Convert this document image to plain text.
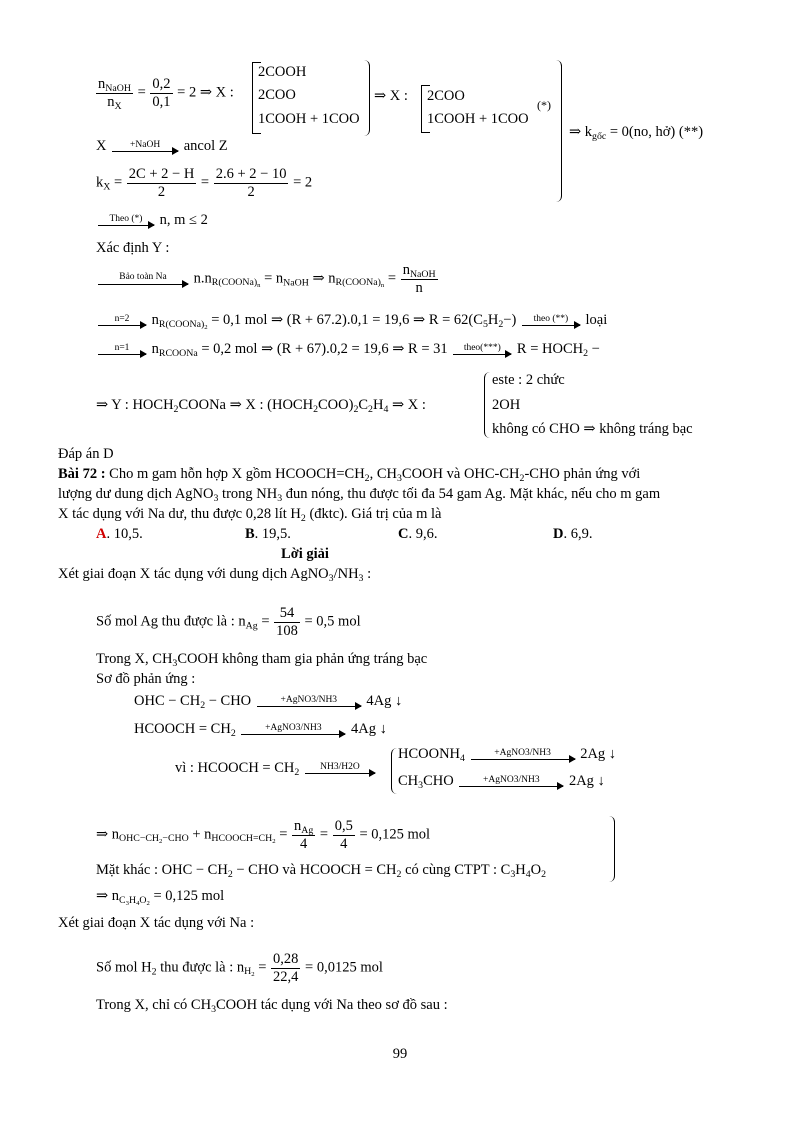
$\frac{n_{NaOH}}{n_X} = \frac{0,2}{0,1} = 2$ ⇒ X :
2COOH
2COO
1COOH + 1COO
⇒ X : 2COO
1COOH + 1COO
(*)
⇒ $k_{gốc} = 0(no$, hở) (**)
X	+NaOH	ancol Z
$k_X = \frac{2C + 2 - H}{2} = \frac{2.6 + 2 - 10}{2} = 2$
Theo (*)	n, m ≤ 2
Xác định Y :
Bảo toàn Na	$n.n_{R(COONa)_n} = n_{NaOH}$ ⇒ $n_{R(COONa)_n} = \frac{n_{NaOH}}{n}$
n=2	$n_{R(COONa)_2} = 0,1$ mol ⇒ (R + 67.2).0,1 = 19,6 ⇒ $R = 62(C_5H_2-)$	theo (**)	loại
n=1	$n_{RCOONa} = 0,2$ mol ⇒ (R + 67).0,2 = 19,6 ⇒ R = 31	theo(***)	$R = HOCH_2$ −
⇒ Y : $HOCH_2COONa$ ⇒ X : $(HOCH_2COO)_2C_2H_4$ ⇒ X :
este : 2 chức
2OH
không có CHO ⇒ không tráng bạc
Đáp án D
Bài 72 : Cho m gam hỗn hợp X gồm $HCOOCH=CH_2$, $CH_3COOH$ và OHC-$CH_2$-CHO phản ứng với
lượng dư dung dịch AgNO$_3$ trong $NH_3$ đun nóng, thu được tối đa 54 gam Ag. Mặt khác, nếu cho m gam
X tác dụng với Na dư, thu được 0,28 lít $H_2$ (đktc). Giá trị của m là
A. 10,5.	B. 19,5.	C. 9,6.	D. 6,9.
Lời giải
Xét giai đoạn X tác dụng với dung dịch $AgNO_3/NH_3$ :
Số mol Ag thu được là : $n_{Ag} = \frac{54}{108} = 0,5$ mol
Trong X, $CH_3COOH$ không tham gia phản ứng tráng bạc
Sơ đồ phản ứng :
OHC − $CH_2$ − CHO	+AgNO3/NH3	4Ag ↓
HCOOCH = $CH_2$
+AgNO3/NH3	4Ag ↓
vì : HCOOCH = $CH_2$
NH3/H2O
$HCOONH_4$
+AgNO3/NH3	2Ag ↓
$CH_3CHO$	+AgNO3/NH3	2Ag ↓
⇒ $n_{OHC-CH_2-CHO} + n_{HCOOCH=CH_2} = \frac{n_{Ag}}{4} = \frac{0,5}{4} = 0,125$ mol
Mặt khác : OHC − $CH_2$ − CHO và HCOOCH = $CH_2$ có cùng CTPT : $C_3H_4O_2$
⇒ $n_{C_3H_4O_2} = 0,125$ mol
Xét giai đoạn X tác dụng với Na :
Số mol $H_2$ thu được là : $n_{H_2} = \frac{0,28}{22,4} = 0,0125$ mol
Trong X, chỉ có $CH_3COOH$ tác dụng với Na theo sơ đồ sau :
99
